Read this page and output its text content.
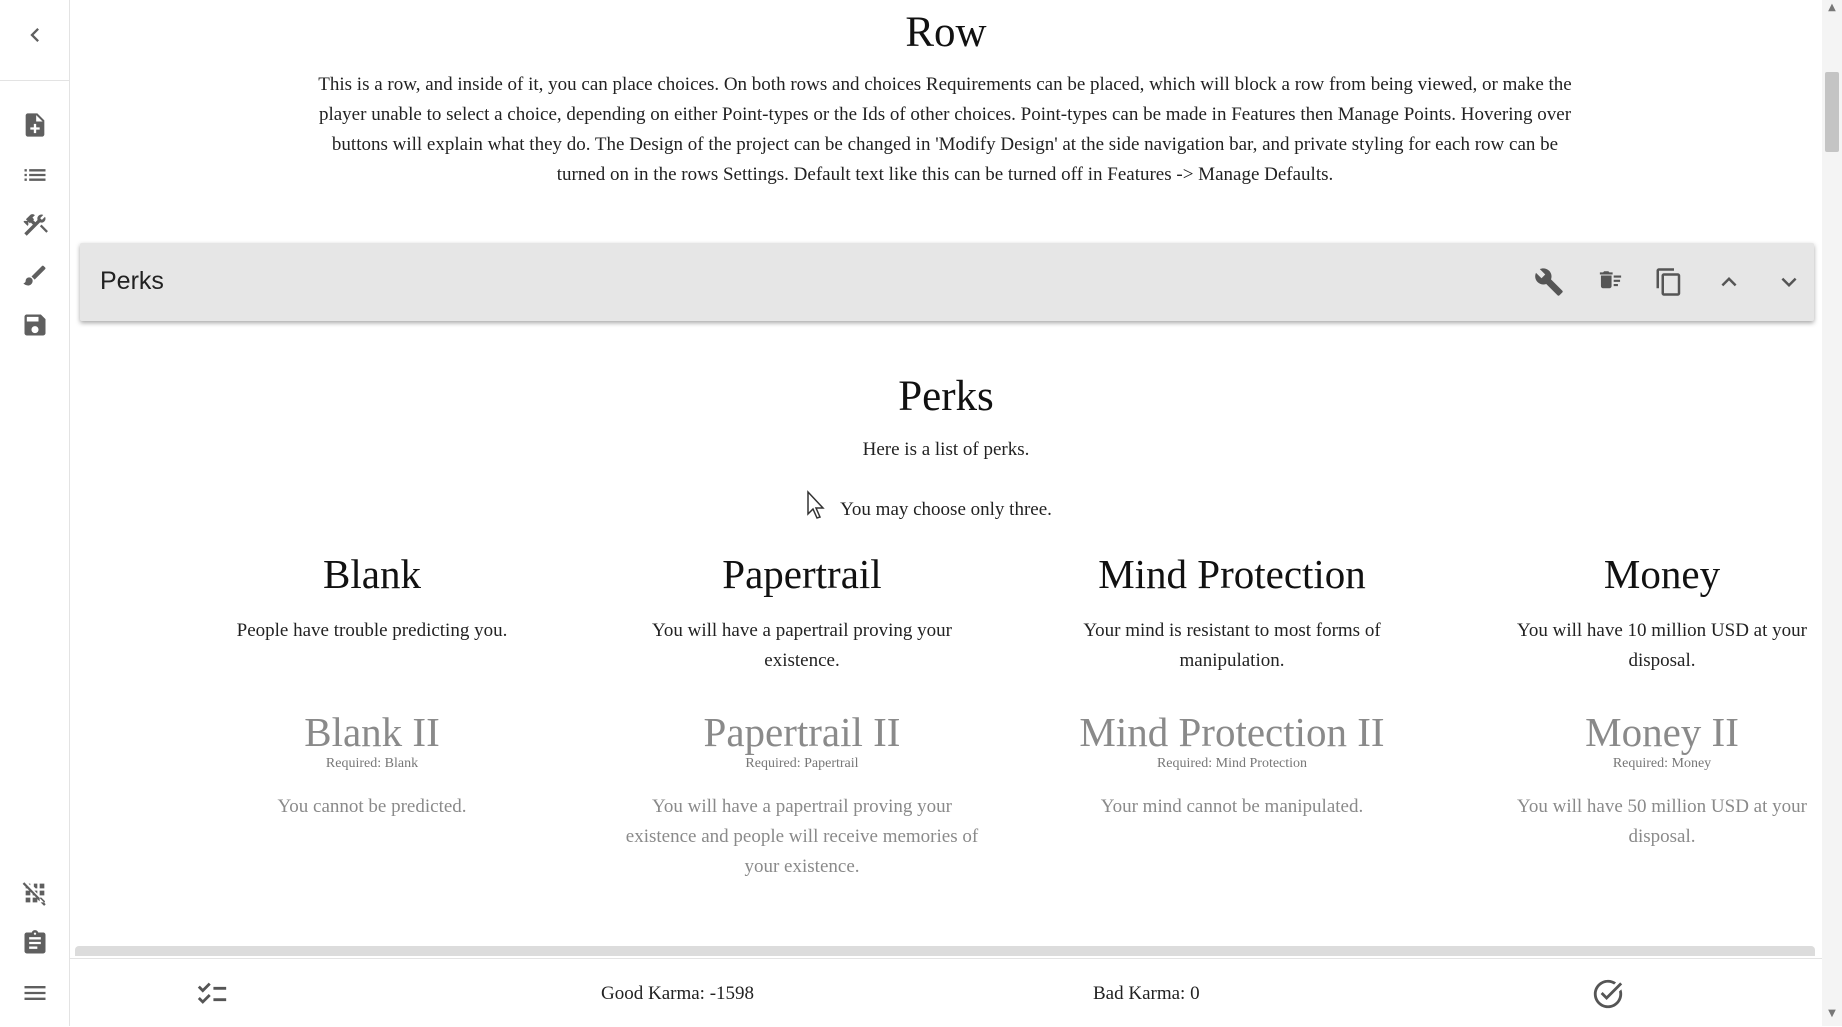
Row
This is a row, and inside of it, you can place choices. On both rows and choices Requirements can be placed, which will block a row from being viewed, or make the player unable to select a choice, depending on either Point-types or the Ids of other choices. Point-types can be made in Features then Manage Points. Hovering over buttons will explain what they do. The Design of the project can be changed in 'Modify Design' at the side navigation bar, and private styling for each row can be turned on in the rows Settings. Default text like this can be turned off in Features -> Manage Defaults.
Perks
Perks
Here is a list of perks.
You may choose only three.
Blank
People have trouble predicting you.
Papertrail
You will have a papertrail proving your existence.
Mind Protection
Your mind is resistant to most forms of manipulation.
Money
You will have 10 million USD at your disposal.
Blank II
Required: Blank
You cannot be predicted.
Papertrail II
Required: Papertrail
You will have a papertrail proving your existence and people will receive memories of your existence.
Mind Protection II
Required: Mind Protection
Your mind cannot be manipulated.
Money II
Required: Money
You will have 50 million USD at your disposal.
Good Karma: -1598	Bad Karma: 0
▲
▼
